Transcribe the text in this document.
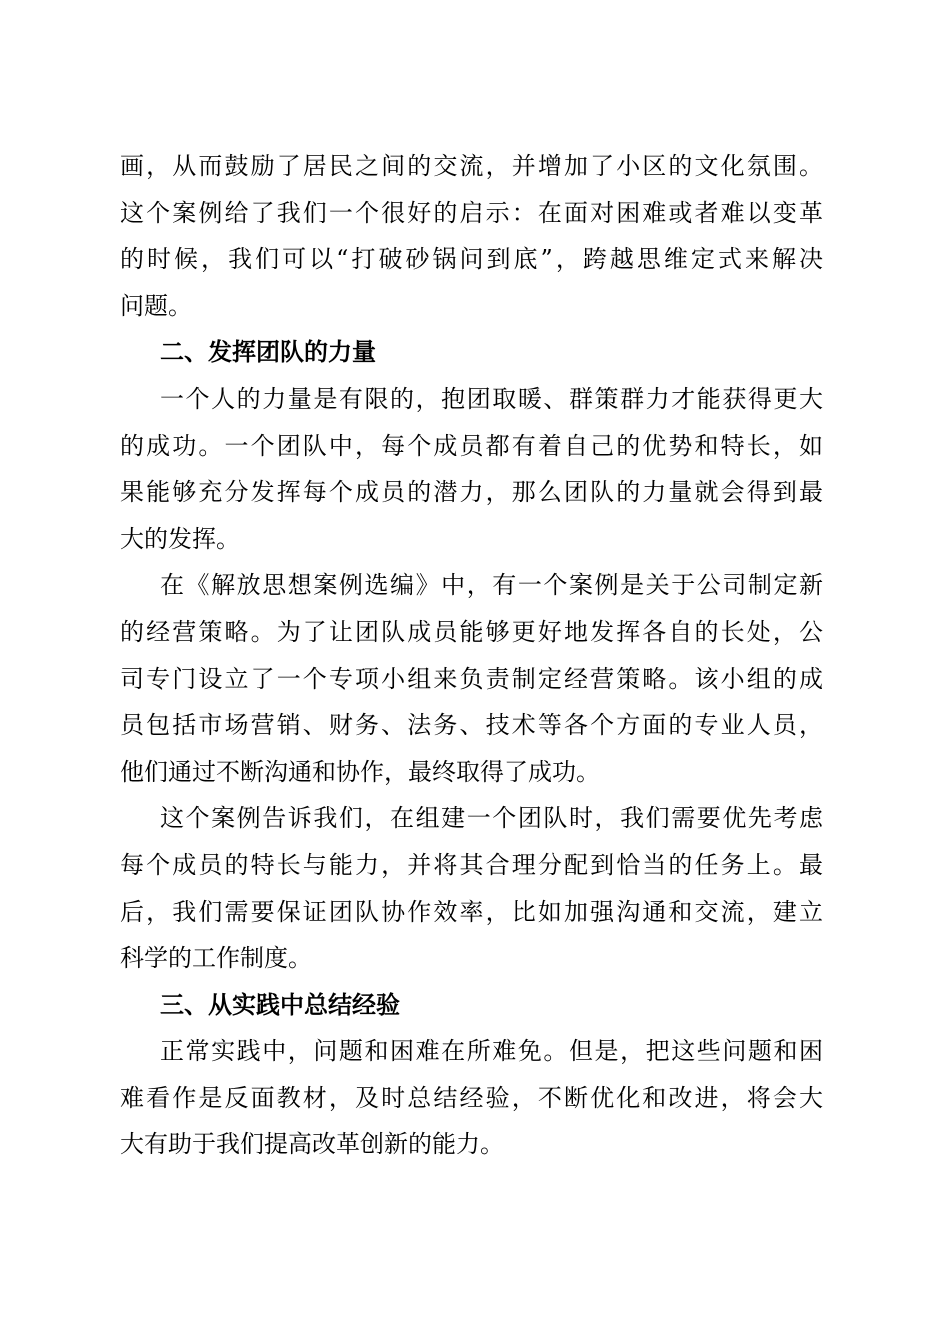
画，从而鼓励了居民之间的交流，并增加了小区的文化氛围。
这个案例给了我们一个很好的启示：在面对困难或者难以变革
的时候，我们可以“打破砂锅问到底”，跨越思维定式来解决
问题。
二、发挥团队的力量
一个人的力量是有限的，抱团取暖、群策群力才能获得更大
的成功。一个团队中，每个成员都有着自己的优势和特长，如
果能够充分发挥每个成员的潜力，那么团队的力量就会得到最
大的发挥。
在《解放思想案例选编》中，有一个案例是关于公司制定新
的经营策略。为了让团队成员能够更好地发挥各自的长处，公
司专门设立了一个专项小组来负责制定经营策略。该小组的成
员包括市场营销、财务、法务、技术等各个方面的专业人员，
他们通过不断沟通和协作，最终取得了成功。
这个案例告诉我们，在组建一个团队时，我们需要优先考虑
每个成员的特长与能力，并将其合理分配到恰当的任务上。最
后，我们需要保证团队协作效率，比如加强沟通和交流，建立
科学的工作制度。
三、从实践中总结经验
正常实践中，问题和困难在所难免。但是，把这些问题和困
难看作是反面教材，及时总结经验，不断优化和改进，将会大
大有助于我们提高改革创新的能力。
